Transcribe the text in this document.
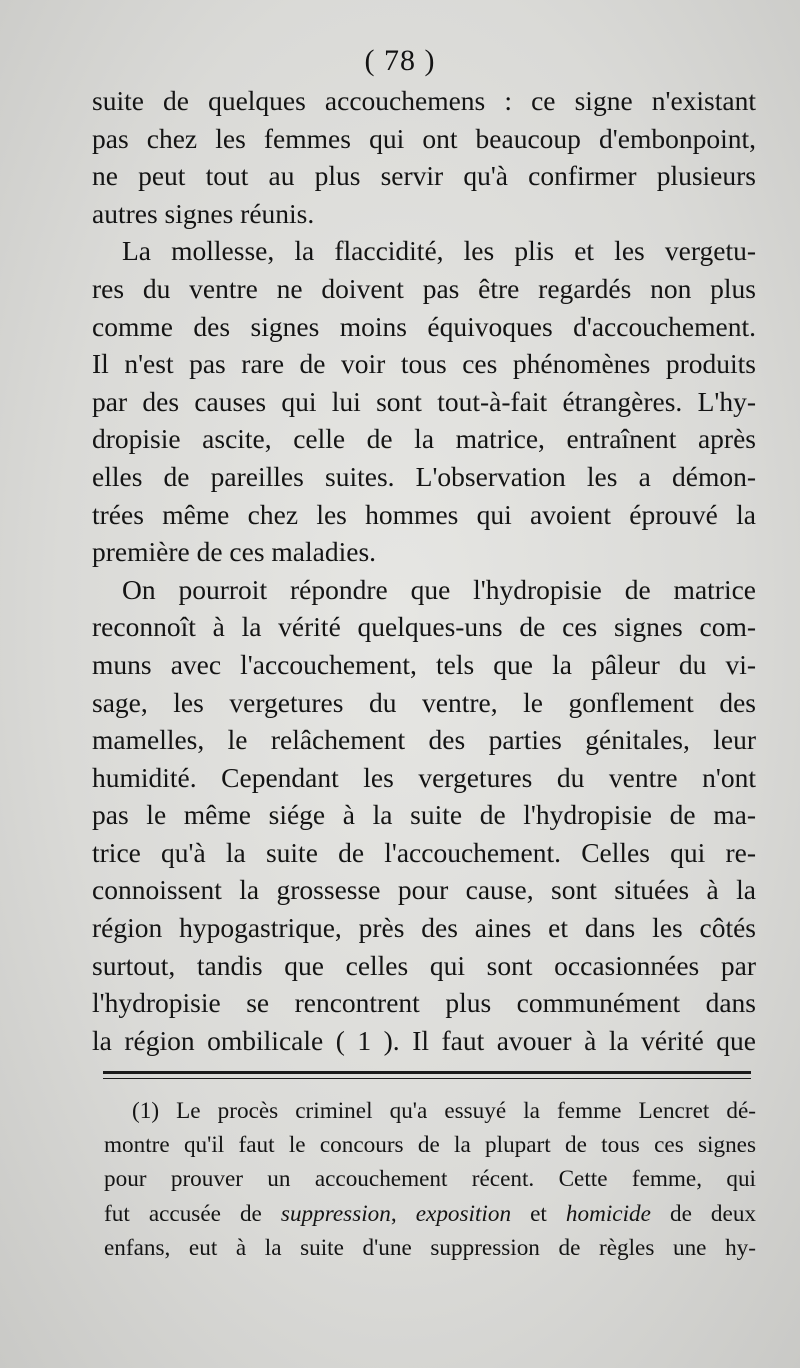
( 78 )
suite de quelques accouchemens : ce signe n'existant
pas chez les femmes qui ont beaucoup d'embonpoint,
ne peut tout au plus servir qu'à confirmer plusieurs
autres signes réunis.
La mollesse, la flaccidité, les plis et les vergetu-
res du ventre ne doivent pas être regardés non plus
comme des signes moins équivoques d'accouchement.
Il n'est pas rare de voir tous ces phénomènes produits
par des causes qui lui sont tout-à-fait étrangères. L'hy-
dropisie ascite, celle de la matrice, entraînent après
elles de pareilles suites. L'observation les a démon-
trées même chez les hommes qui avoient éprouvé la
première de ces maladies.
On pourroit répondre que l'hydropisie de matrice
reconnoît à la vérité quelques-uns de ces signes com-
muns avec l'accouchement, tels que la pâleur du vi-
sage, les vergetures du ventre, le gonflement des
mamelles, le relâchement des parties génitales, leur
humidité. Cependant les vergetures du ventre n'ont
pas le même siége à la suite de l'hydropisie de ma-
trice qu'à la suite de l'accouchement. Celles qui re-
connoissent la grossesse pour cause, sont situées à la
région hypogastrique, près des aines et dans les côtés
surtout, tandis que celles qui sont occasionnées par
l'hydropisie se rencontrent plus communément dans
la région ombilicale ( 1 ). Il faut avouer à la vérité que
(1) Le procès criminel qu'a essuyé la femme Lencret dé-
montre qu'il faut le concours de la plupart de tous ces signes
pour prouver un accouchement récent. Cette femme, qui
fut accusée de suppression, exposition et homicide de deux
enfans, eut à la suite d'une suppression de règles une hy-
